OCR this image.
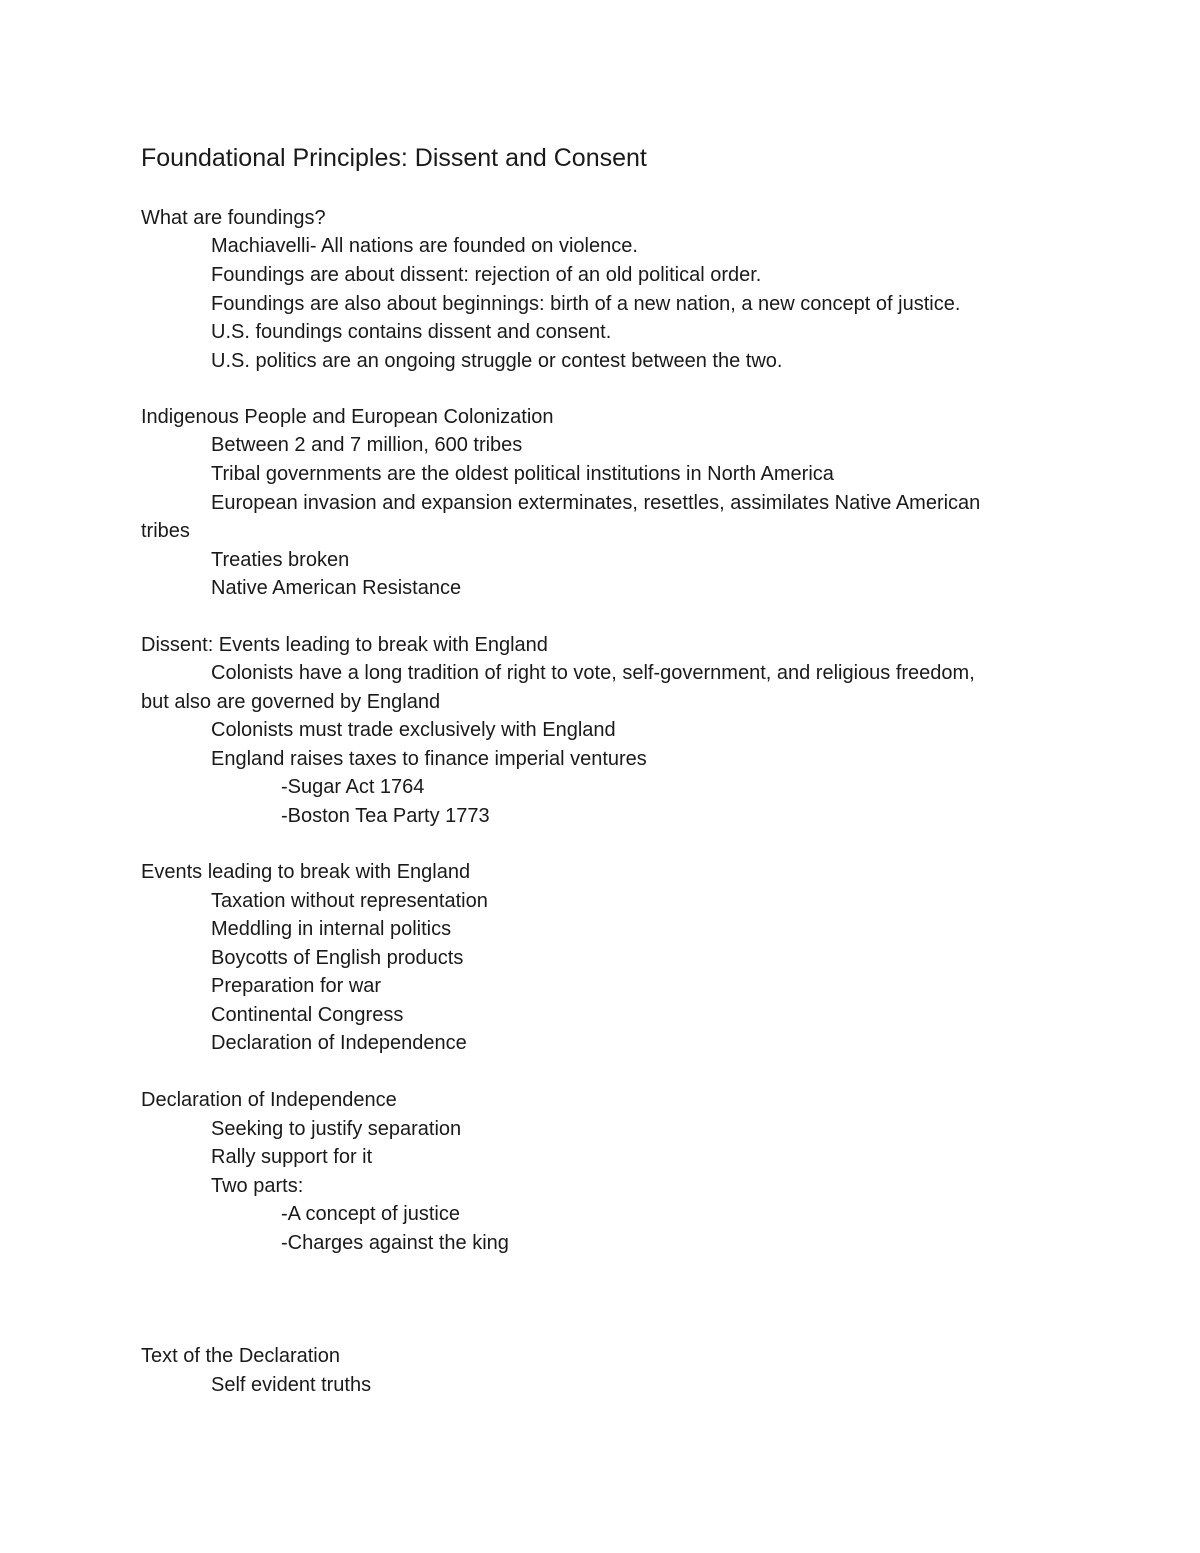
Foundational Principles: Dissent and Consent

What are foundings?

Machiavelli- All nations are founded on violence.

Foundings are about dissent: rejection of an old political order.

Foundings are also about beginnings: birth of a new nation, a new concept of justice.

U.S. foundings contains dissent and consent.

U.S. politics are an ongoing struggle or contest between the two.

Indigenous People and European Colonization

Between 2 and 7 million, 600 tribes

Tribal governments are the oldest political institutions in North America

European invasion and expansion exterminates, resettles, assimilates Native American

tribes

Treaties broken

Native American Resistance

Dissent: Events leading to break with England

Colonists have a long tradition of right to vote, self-government, and religious freedom,

but also are governed by England

Colonists must trade exclusively with England

England raises taxes to finance imperial ventures

-Sugar Act 1764

-Boston Tea Party 1773

Events leading to break with England

Taxation without representation

Meddling in internal politics

Boycotts of English products

Preparation for war

Continental Congress

Declaration of Independence

Declaration of Independence

Seeking to justify separation

Rally support for it

Two parts:

-A concept of justice

-Charges against the king

Text of the Declaration

Self evident truths
